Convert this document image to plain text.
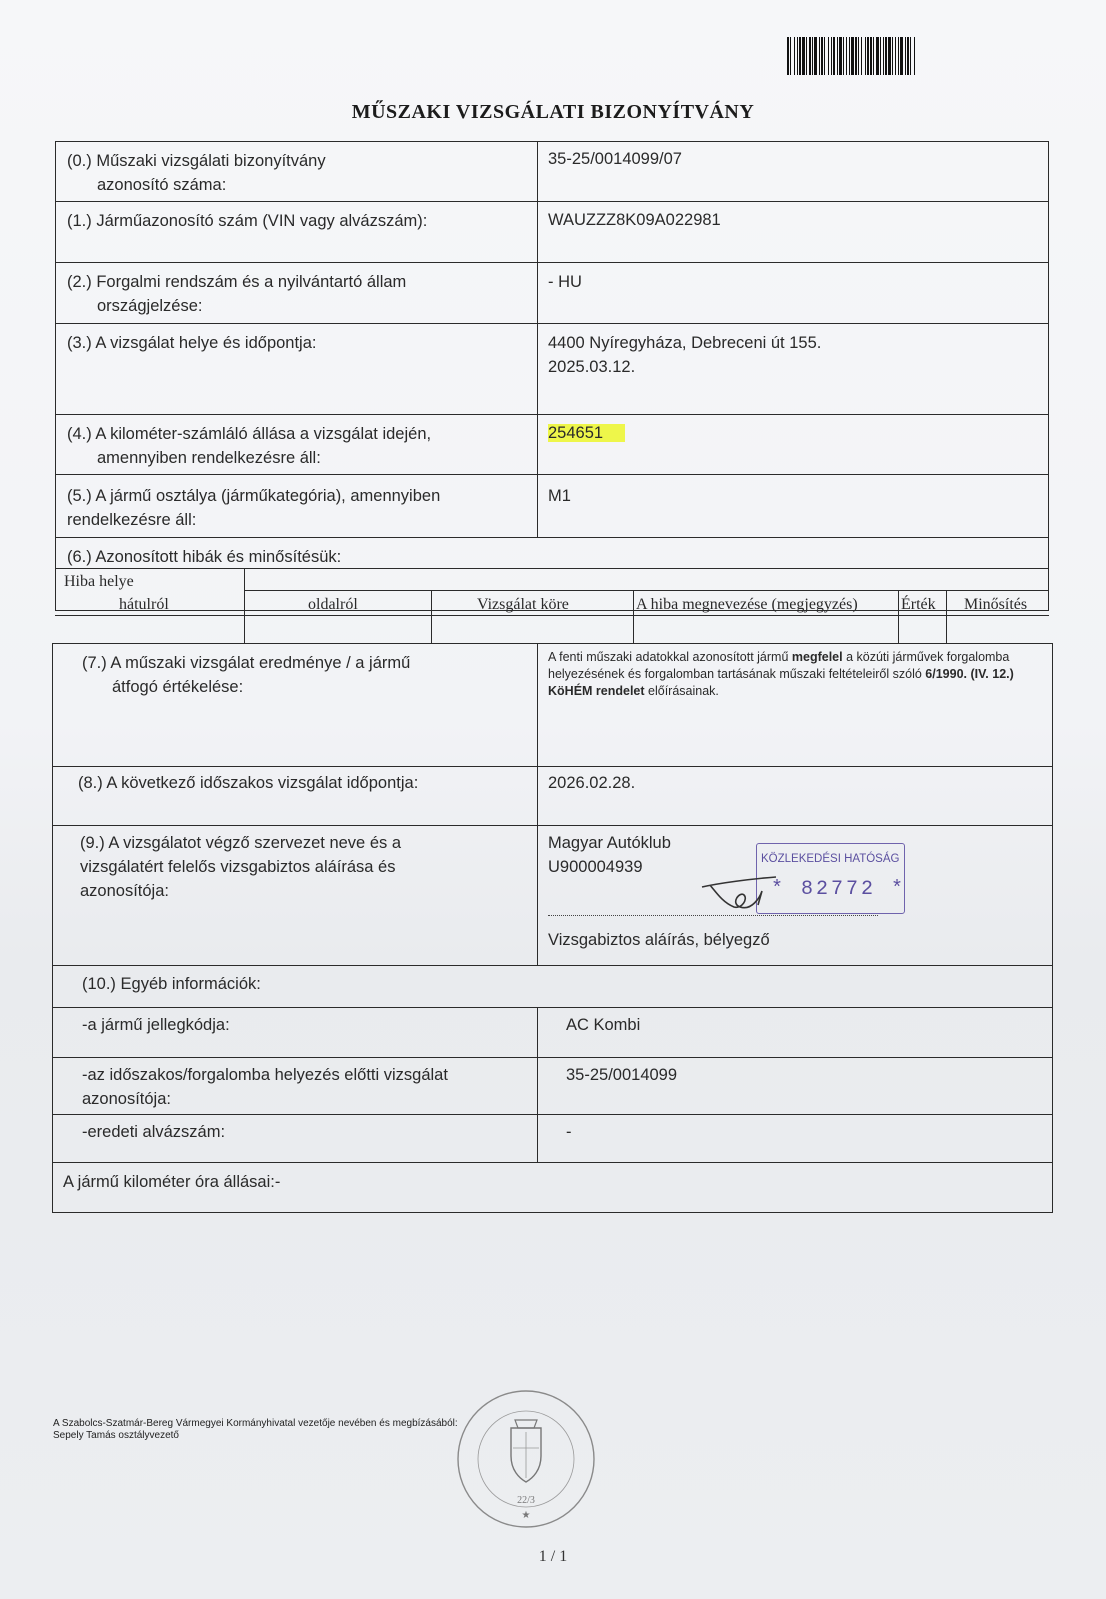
MŰSZAKI VIZSGÁLATI BIZONYÍTVÁNY
(0.) Műszaki vizsgálati bizonyítvány
azonosító száma:
35-25/0014099/07
(1.) Járműazonosító szám (VIN vagy alvázszám):	WAUZZZ8K09A022981
(2.) Forgalmi rendszám és a nyilvántartó állam
országjelzése:
- HU
(3.) A vizsgálat helye és időpontja:	4400 Nyíregyháza, Debreceni út 155.
2025.03.12.
(4.) A kilométer-számláló állása a vizsgálat idején,
amennyiben rendelkezésre áll:
254651
(5.) A jármű osztálya (járműkategória), amennyiben
rendelkezésre áll:
M1
(6.) Azonosított hibák és minősítésük:
Hiba helye
hátulról	oldalról	Vizsgálat köre	A hiba megnevezése (megjegyzés)	Érték Minősítés
(7.) A műszaki vizsgálat eredménye / a jármű
átfogó értékelése:
A fenti műszaki adatokkal azonosított jármű megfelel a közúti járművek forgalomba helyezésének és forgalomban tartásának műszaki feltételeiről szóló 6/1990. (IV. 12.) KöHÉM rendelet előírásainak.
(8.) A következő időszakos vizsgálat időpontja:	2026.02.28.
(9.) A vizsgálatot végző szervezet neve és a
vizsgálatért felelős vizsgabiztos aláírása és
azonosítója:
Magyar Autóklub
U900004939	KÖZLEKEDÉSI HATÓSÁG
* 82772 *
Vizsgabiztos aláírás, bélyegző
(10.) Egyéb információk:
-a jármű jellegkódja:	AC Kombi
-az időszakos/forgalomba helyezés előtti vizsgálat
azonosítója:
35-25/0014099
-eredeti alvázszám:	-
A jármű kilométer óra állásai:-
A Szabolcs-Szatmár-Bereg Vármegyei Kormányhivatal vezetője nevében és megbízásából:
Sepely Tamás osztályvezető
22/3
★
1 / 1
